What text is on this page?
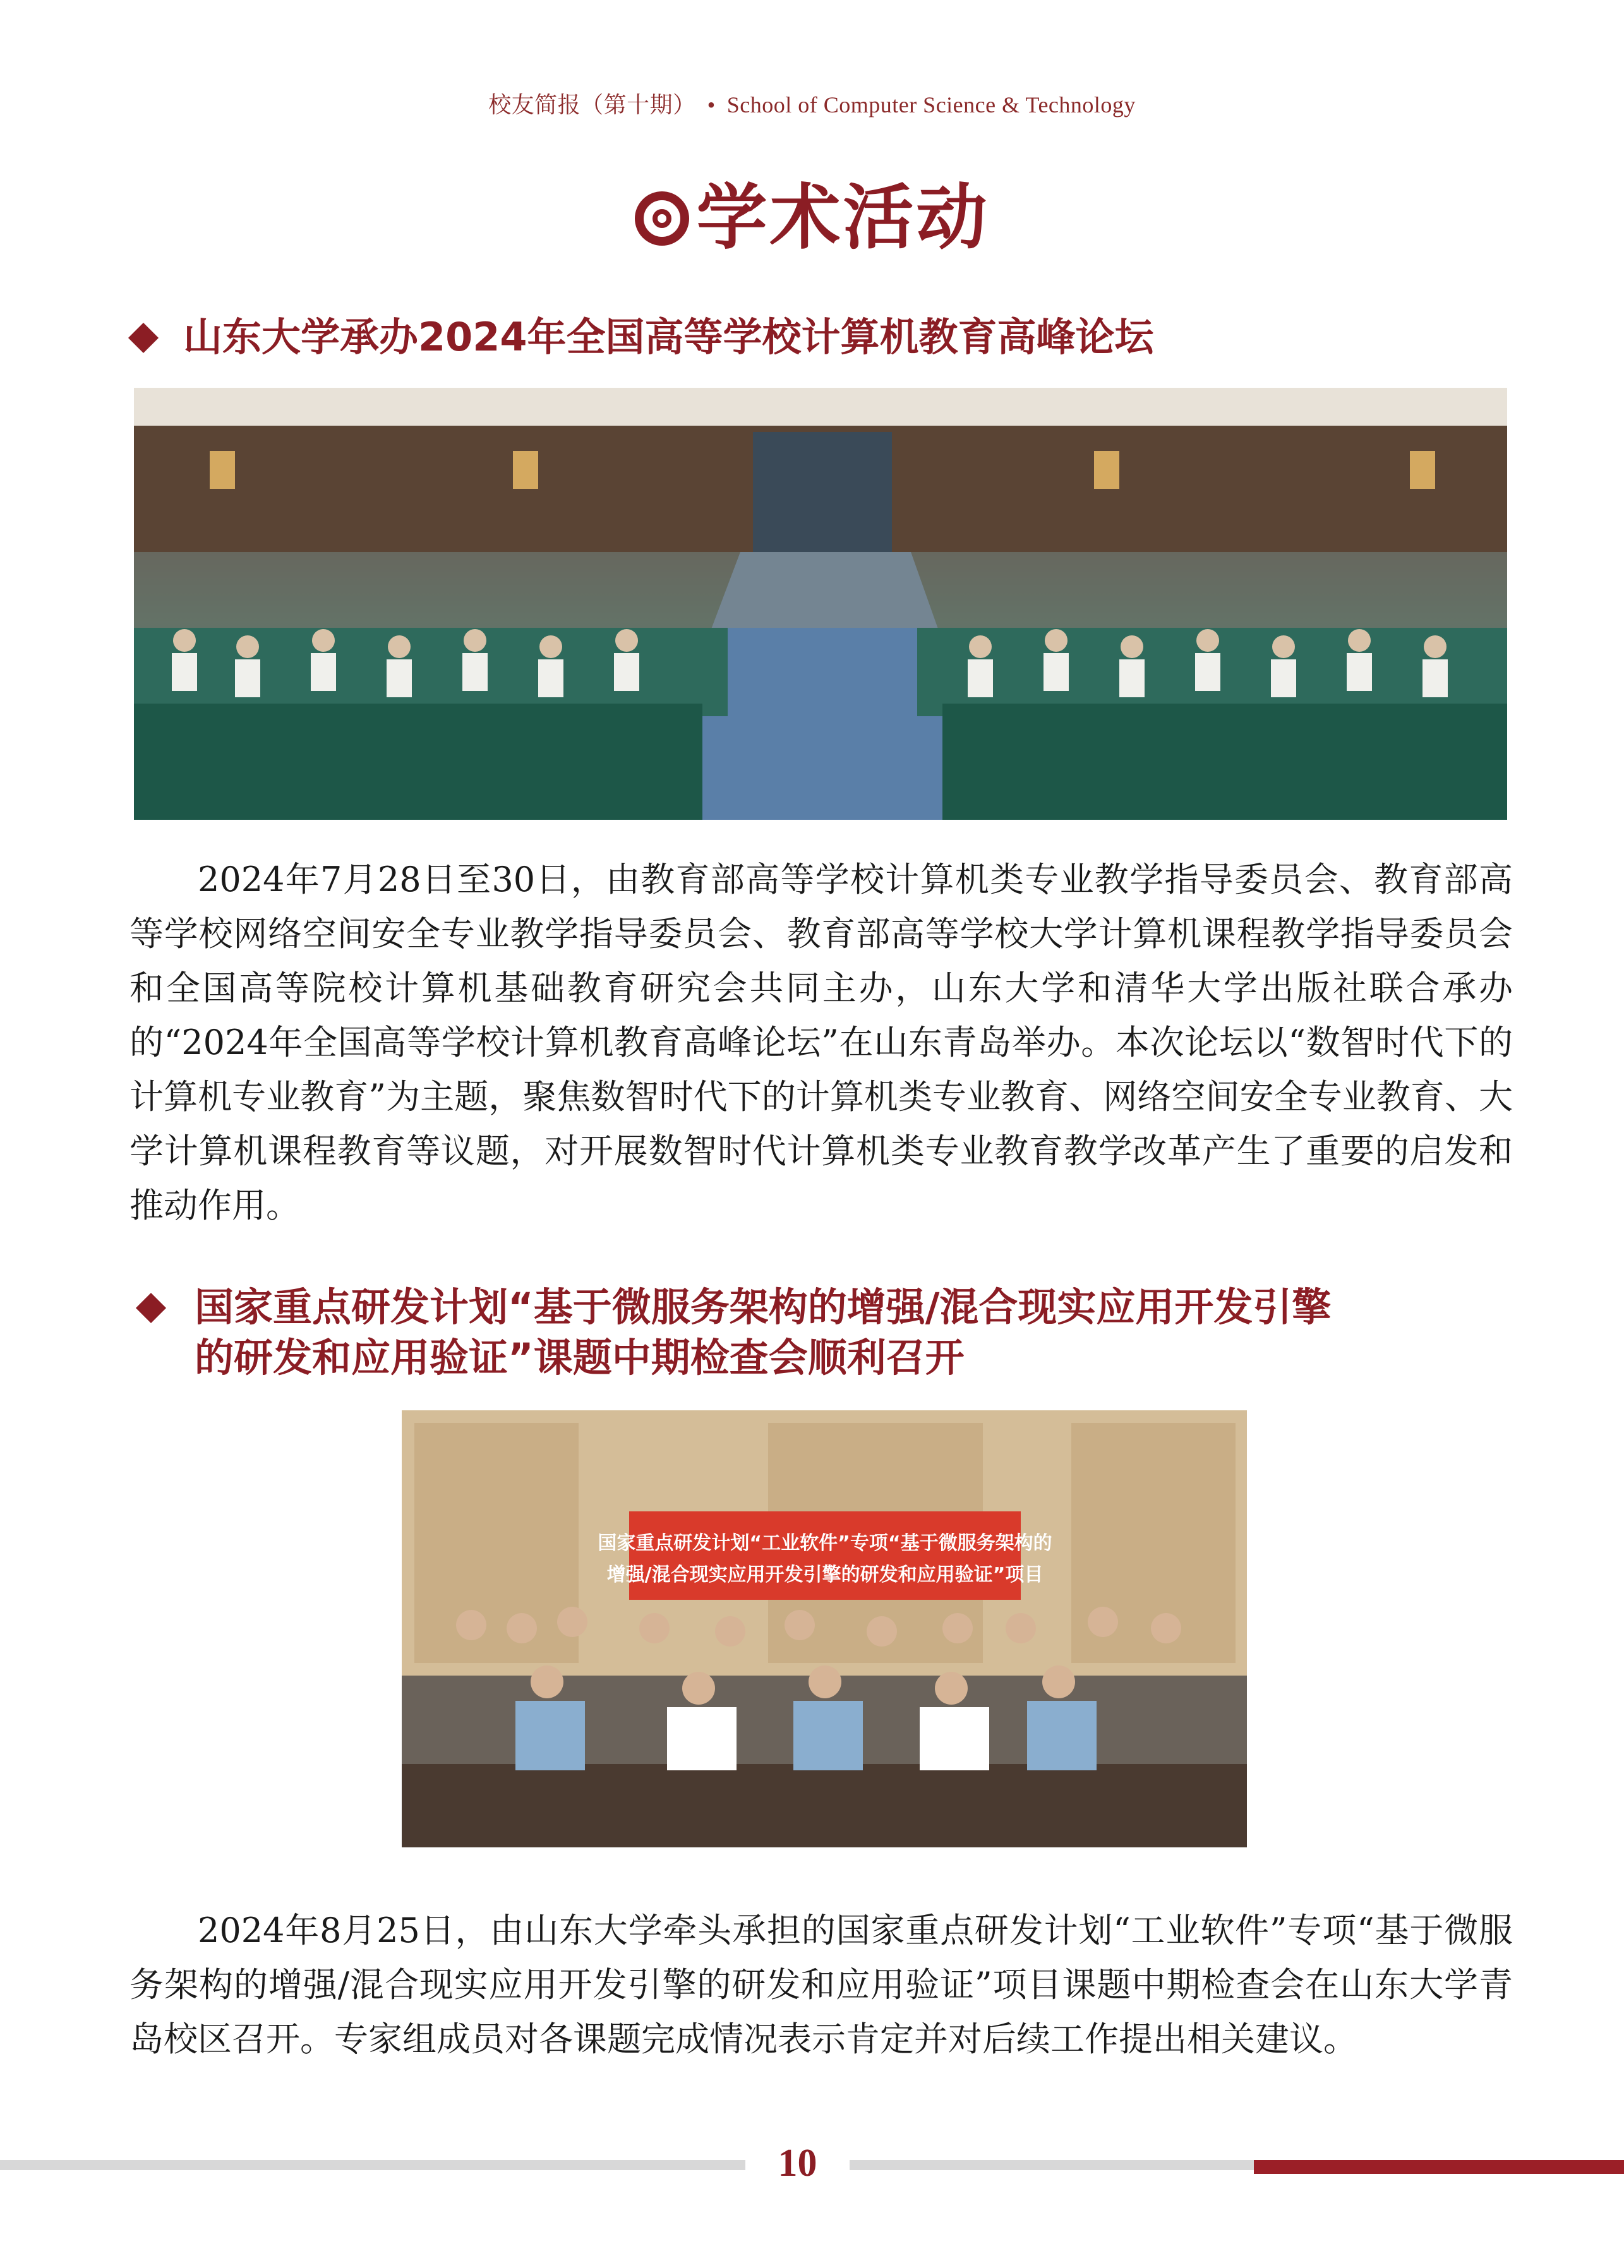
校友简报（第十期） • School of Computer Science & Technology
学术活动
山东大学承办2024年全国高等学校计算机教育高峰论坛
2024年7月28日至30日，由教育部高等学校计算机类专业教学指导委员会、教育部高等学校网络空间安全专业教学指导委员会、教育部高等学校大学计算机课程教学指导委员会和全国高等院校计算机基础教育研究会共同主办，山东大学和清华大学出版社联合承办的“2024年全国高等学校计算机教育高峰论坛”在山东青岛举办。本次论坛以“数智时代下的计算机专业教育”为主题，聚焦数智时代下的计算机类专业教育、网络空间安全专业教育、大学计算机课程教育等议题，对开展数智时代计算机类专业教育教学改革产生了重要的启发和推动作用。
国家重点研发计划“基于微服务架构的增强/混合现实应用开发引擎
的研发和应用验证”课题中期检查会顺利召开
国家重点研发计划“工业软件”专项“基于微服务架构的
增强/混合现实应用开发引擎的研发和应用验证”项目
2024年8月25日，由山东大学牵头承担的国家重点研发计划“工业软件”专项“基于微服务架构的增强/混合现实应用开发引擎的研发和应用验证”项目课题中期检查会在山东大学青岛校区召开。专家组成员对各课题完成情况表示肯定并对后续工作提出相关建议。
10
